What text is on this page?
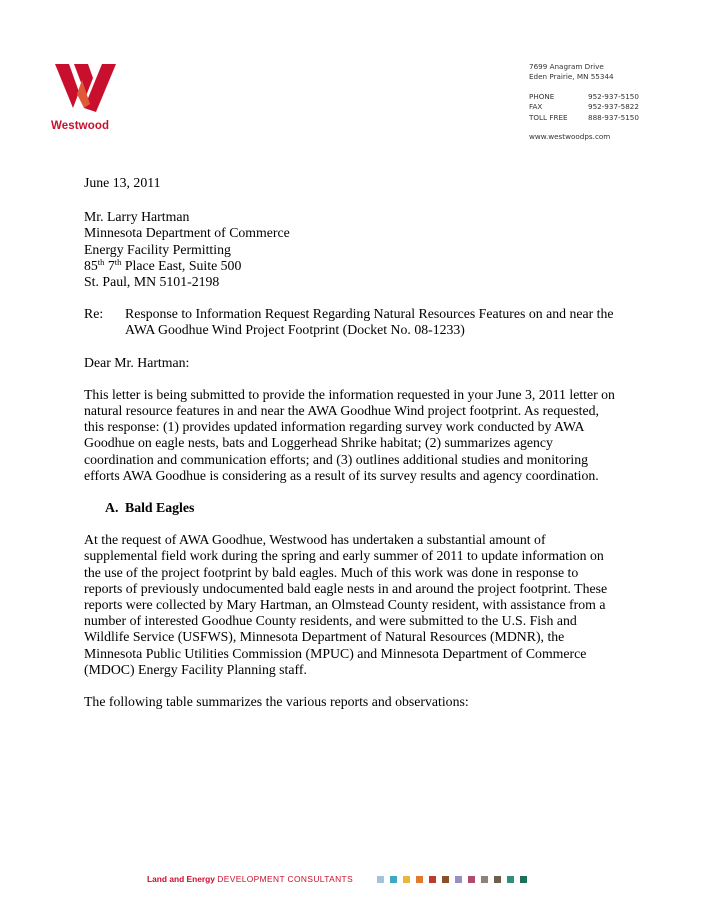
Westwood
7699 Anagram Drive
Eden Prairie, MN 55344
PHONE	952-937-5150
FAX	952-937-5822
TOLL FREE	888-937-5150
www.westwoodps.com

June 13, 2011

Mr. Larry Hartman
Minnesota Department of Commerce
Energy Facility Permitting
85th 7th Place East, Suite 500
St. Paul, MN 5101-2198

Re:	Response to Information Request Regarding Natural Resources Features on and near the
AWA Goodhue Wind Project Footprint (Docket No. 08-1233)

Dear Mr. Hartman:

This letter is being submitted to provide the information requested in your June 3, 2011 letter on
natural resource features in and near the AWA Goodhue Wind project footprint. As requested,
this response: (1) provides updated information regarding survey work conducted by AWA
Goodhue on eagle nests, bats and Loggerhead Shrike habitat; (2) summarizes agency
coordination and communication efforts; and (3) outlines additional studies and monitoring
efforts AWA Goodhue is considering as a result of its survey results and agency coordination.

A. Bald Eagles

At the request of AWA Goodhue, Westwood has undertaken a substantial amount of
supplemental field work during the spring and early summer of 2011 to update information on
the use of the project footprint by bald eagles. Much of this work was done in response to
reports of previously undocumented bald eagle nests in and around the project footprint. These
reports were collected by Mary Hartman, an Olmstead County resident, with assistance from a
number of interested Goodhue County residents, and were submitted to the U.S. Fish and
Wildlife Service (USFWS), Minnesota Department of Natural Resources (MDNR), the
Minnesota Public Utilities Commission (MPUC) and Minnesota Department of Commerce
(MDOC) Energy Facility Planning staff.

The following table summarizes the various reports and observations:

Land and Energy DEVELOPMENT CONSULTANTS
